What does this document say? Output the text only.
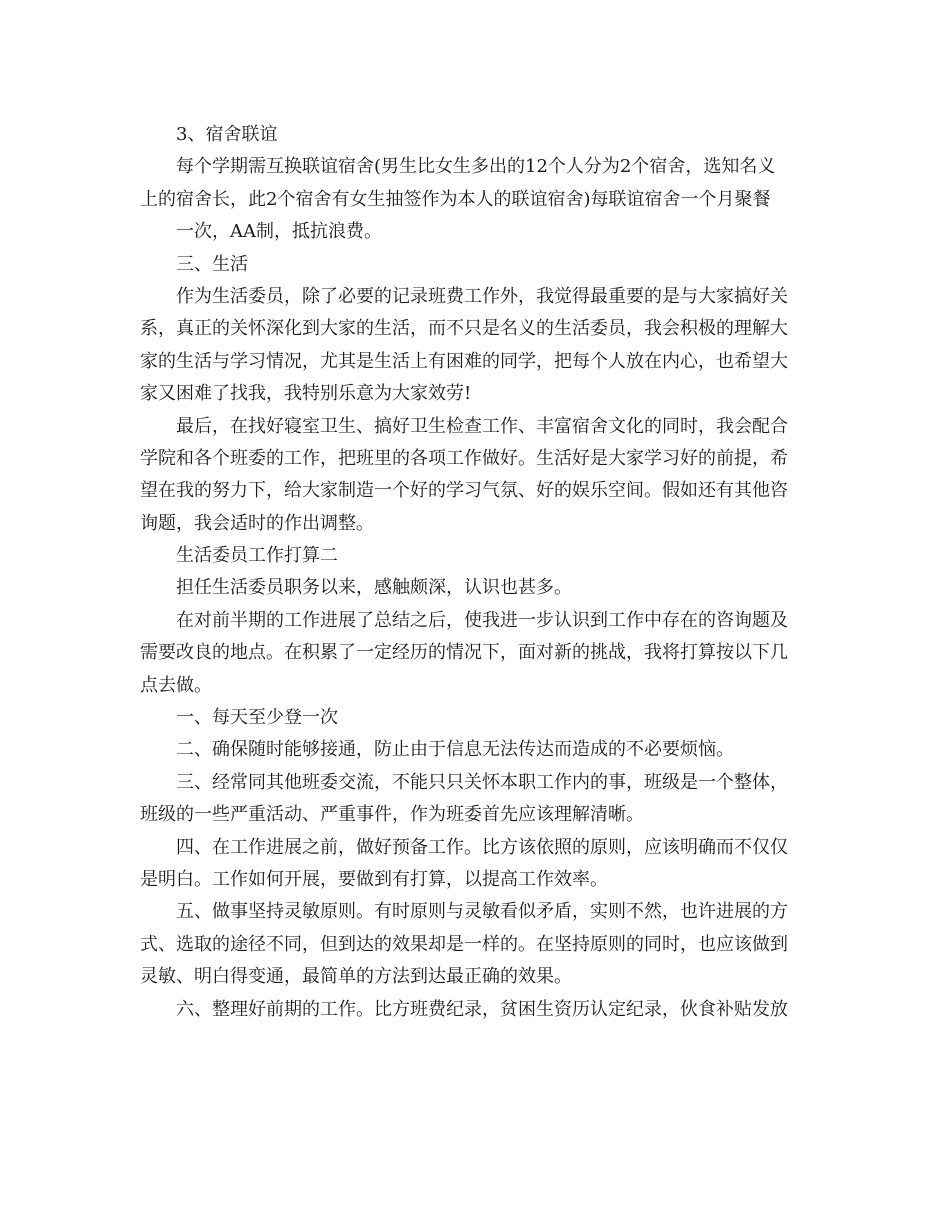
3、宿舍联谊
每个学期需互换联谊宿舍(男生比女生多出的12个人分为2个宿舍，选知名义
上的宿舍长，此2个宿舍有女生抽签作为本人的联谊宿舍)每联谊宿舍一个月聚餐
一次，AA制，抵抗浪费。
三、生活
作为生活委员，除了必要的记录班费工作外，我觉得最重要的是与大家搞好关
系，真正的关怀深化到大家的生活，而不只是名义的生活委员，我会积极的理解大
家的生活与学习情况，尤其是生活上有困难的同学，把每个人放在内心，也希望大
家又困难了找我，我特别乐意为大家效劳!
最后，在找好寝室卫生、搞好卫生检查工作、丰富宿舍文化的同时，我会配合
学院和各个班委的工作，把班里的各项工作做好。生活好是大家学习好的前提，希
望在我的努力下，给大家制造一个好的学习气氛、好的娱乐空间。假如还有其他咨
询题，我会适时的作出调整。
生活委员工作打算二
担任生活委员职务以来，感触颇深，认识也甚多。
在对前半期的工作进展了总结之后，使我进一步认识到工作中存在的咨询题及
需要改良的地点。在积累了一定经历的情况下，面对新的挑战，我将打算按以下几
点去做。
一、每天至少登一次
二、确保随时能够接通，防止由于信息无法传达而造成的不必要烦恼。
三、经常同其他班委交流，不能只只关怀本职工作内的事，班级是一个整体，
班级的一些严重活动、严重事件，作为班委首先应该理解清晰。
四、在工作进展之前，做好预备工作。比方该依照的原则，应该明确而不仅仅
是明白。工作如何开展，要做到有打算，以提高工作效率。
五、做事坚持灵敏原则。有时原则与灵敏看似矛盾，实则不然，也许进展的方
式、选取的途径不同，但到达的效果却是一样的。在坚持原则的同时，也应该做到
灵敏、明白得变通，最简单的方法到达最正确的效果。
六、整理好前期的工作。比方班费纪录，贫困生资历认定纪录，伙食补贴发放
